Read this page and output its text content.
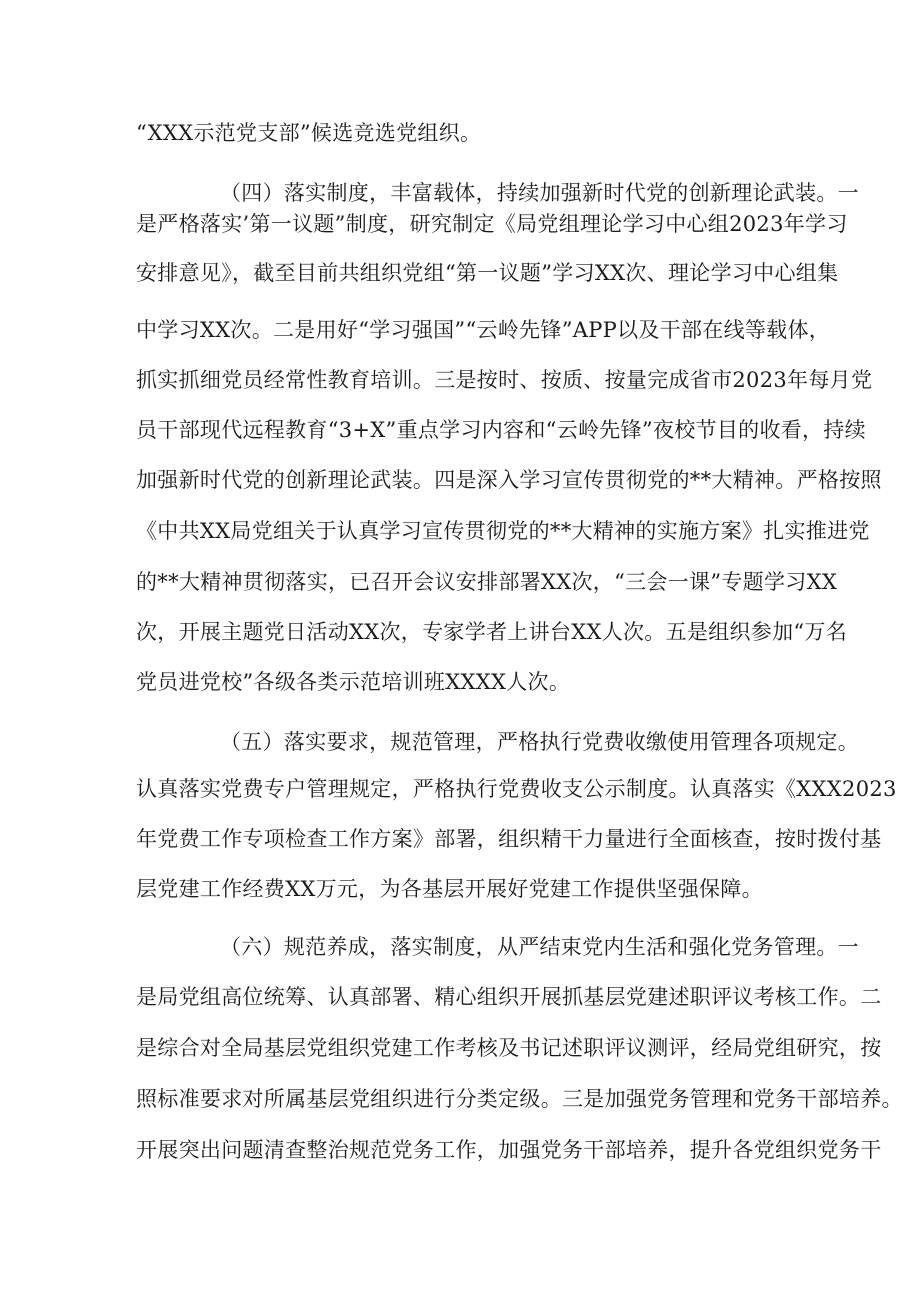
“XXX示范党支部”候选竞选党组织。
（四）落实制度，丰富载体，持续加强新时代党的创新理论武装。一
是严格落实’第一议题”制度，研究制定《局党组理论学习中心组2023年学习
安排意见》，截至目前共组织党组“第一议题”学习XX次、理论学习中心组集
中学习XX次。二是用好“学习强国”“云岭先锋”APP以及干部在线等载体，
抓实抓细党员经常性教育培训。三是按时、按质、按量完成省市2023年每月党
员干部现代远程教育“3+X”重点学习内容和“云岭先锋”夜校节目的收看，持续
加强新时代党的创新理论武装。四是深入学习宣传贯彻党的**大精神。严格按照
《中共XX局党组关于认真学习宣传贯彻党的**大精神的实施方案》扎实推进党
的**大精神贯彻落实，已召开会议安排部署XX次，“三会一课”专题学习XX
次，开展主题党日活动XX次，专家学者上讲台XX人次。五是组织参加“万名
党员进党校”各级各类示范培训班XXXX人次。
（五）落实要求，规范管理，严格执行党费收缴使用管理各项规定。
认真落实党费专户管理规定，严格执行党费收支公示制度。认真落实《XXX2023
年党费工作专项检查工作方案》部署，组织精干力量进行全面核查，按时拨付基
层党建工作经费XX万元，为各基层开展好党建工作提供坚强保障。
（六）规范养成，落实制度，从严结束党内生活和强化党务管理。一
是局党组高位统筹、认真部署、精心组织开展抓基层党建述职评议考核工作。二
是综合对全局基层党组织党建工作考核及书记述职评议测评，经局党组研究，按
照标准要求对所属基层党组织进行分类定级。三是加强党务管理和党务干部培养。
开展突出问题清查整治规范党务工作，加强党务干部培养，提升各党组织党务干
